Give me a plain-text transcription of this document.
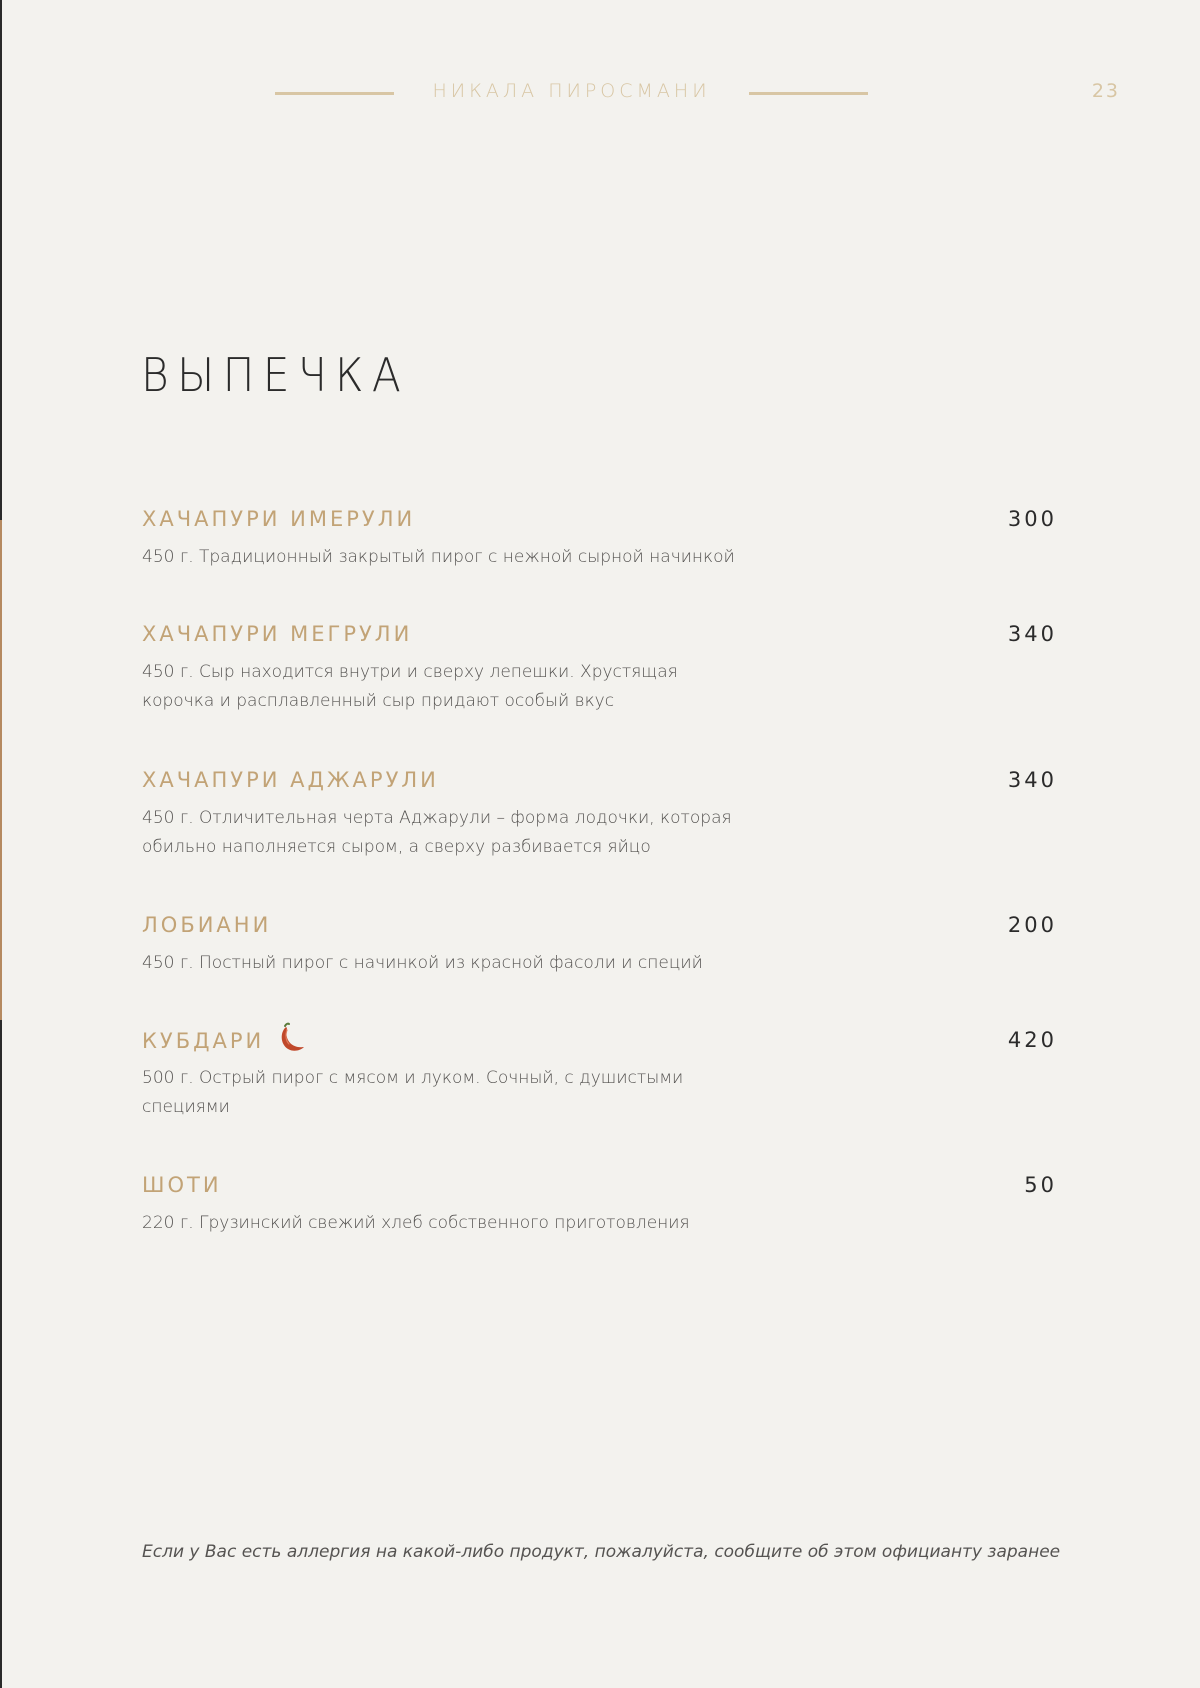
НИКАЛА ПИРОСМАНИ	23
ВЫПЕЧКА
ХАЧАПУРИ ИМЕРУЛИ	300
450 г. Традиционный закрытый пирог с нежной сырной начинкой
ХАЧАПУРИ МЕГРУЛИ	340
450 г. Сыр находится внутри и сверху лепешки. Хрустящая корочка и расплавленный сыр придают особый вкус
ХАЧАПУРИ АДЖАРУЛИ	340
450 г. Отличительная черта Аджарули – форма лодочки, которая обильно наполняется сыром, а сверху разбивается яйцо
ЛОБИАНИ	200
450 г. Постный пирог с начинкой из красной фасоли и специй
КУБДАРИ	420
500 г. Острый пирог с мясом и луком. Сочный, с душистыми специями
ШОТИ	50
220 г. Грузинский свежий хлеб собственного приготовления
Если у Вас есть аллергия на какой-либо продукт, пожалуйста, сообщите об этом официанту заранее
